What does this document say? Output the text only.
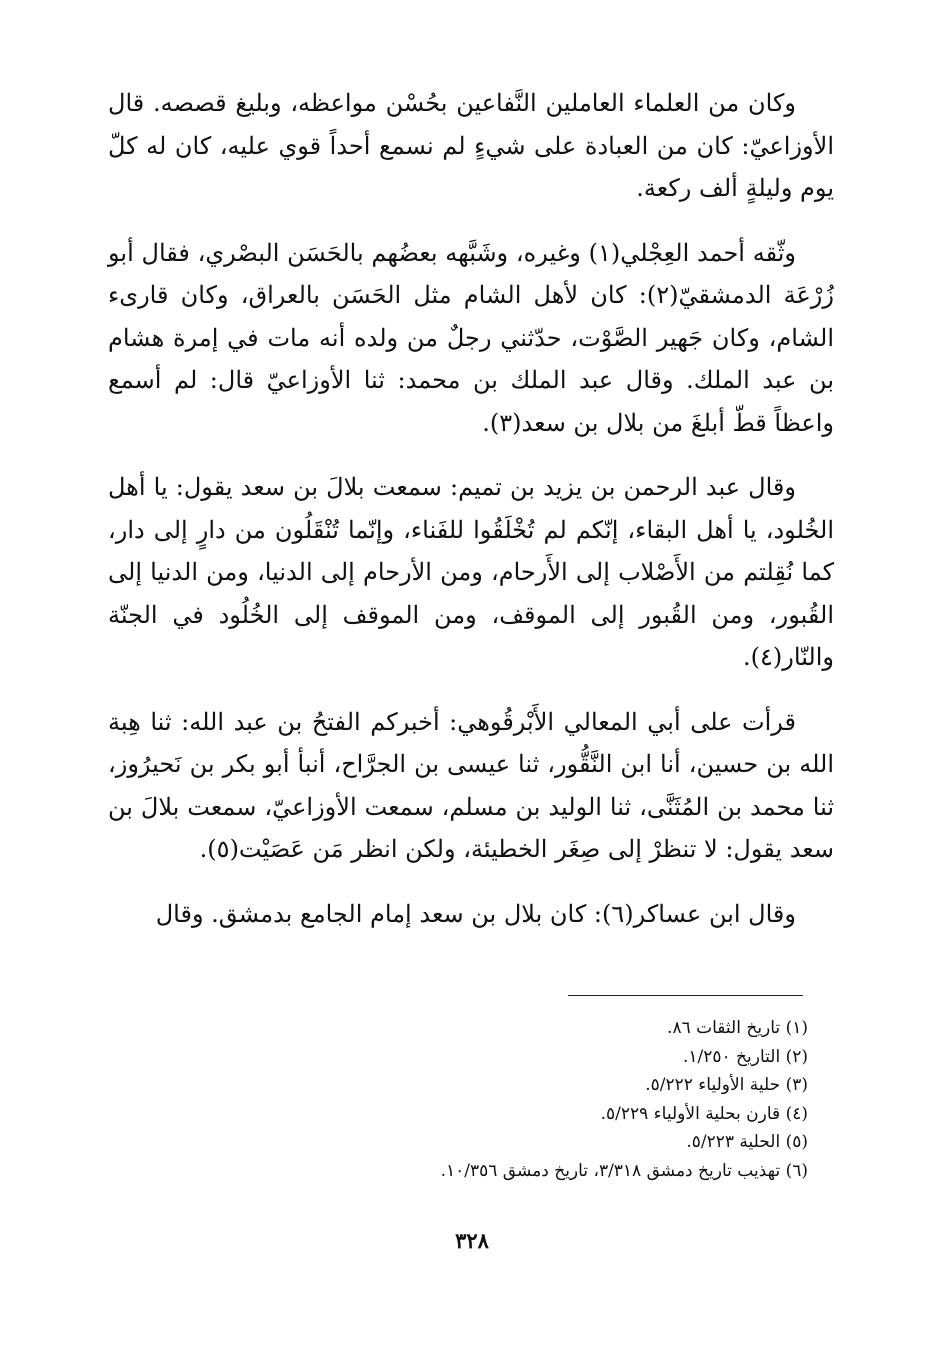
وكان من العلماء العاملين النَّفاعين بحُسْن مواعظه، وبليغ قصصه. قال الأوزاعيّ: كان من العبادة على شيءٍ لم نسمع أحداً قوي عليه، كان له كلّ يوم وليلةٍ ألف ركعة.

وثّقه أحمد العِجْلي(١) وغيره، وشَبَّهه بعضُهم بالحَسَن البصْري، فقال أبو زُرْعَة الدمشقيّ(٢): كان لأهل الشام مثل الحَسَن بالعراق، وكان قارىء الشام، وكان جَهير الصَّوْت، حدّثني رجلٌ من ولده أنه مات في إمرة هشام بن عبد الملك. وقال عبد الملك بن محمد: ثنا الأوزاعيّ قال: لم أسمع واعظاً قطّ أبلغَ من بلال بن سعد(٣).

وقال عبد الرحمن بن يزيد بن تميم: سمعت بلالَ بن سعد يقول: يا أهل الخُلود، يا أهل البقاء، إنّكم لم تُخْلَقُوا للفَناء، وإنّما تُنْقَلُون من دارٍ إلى دار، كما نُقِلتم من الأَصْلاب إلى الأَرحام، ومن الأرحام إلى الدنيا، ومن الدنيا إلى القُبور، ومن القُبور إلى الموقف، ومن الموقف إلى الخُلُود في الجنّة والنّار(٤).

قرأت على أبي المعالي الأَبْرقُوهي: أخبركم الفتحُ بن عبد الله: ثنا هِبة الله بن حسين، أنا ابن النَّقُّور، ثنا عيسى بن الجرَّاح، أنبأ أبو بكر بن نَحيرُوز، ثنا محمد بن المُثَنَّى، ثنا الوليد بن مسلم، سمعت الأوزاعيّ، سمعت بلالَ بن سعد يقول: لا تنظرْ إلى صِغَر الخطيئة، ولكن انظر مَن عَصَيْت(٥).

وقال ابن عساكر(٦): كان بلال بن سعد إمام الجامع بدمشق. وقال

(١) تاريخ الثقات ٨٦.
(٢) التاريخ ١/٢٥٠.
(٣) حلية الأولياء ٥/٢٢٢.
(٤) قارن بحلية الأولياء ٥/٢٢٩.
(٥) الحلية ٥/٢٢٣.
(٦) تهذيب تاريخ دمشق ٣/٣١٨، تاريخ دمشق ١٠/٣٥٦.
٣٢٨
